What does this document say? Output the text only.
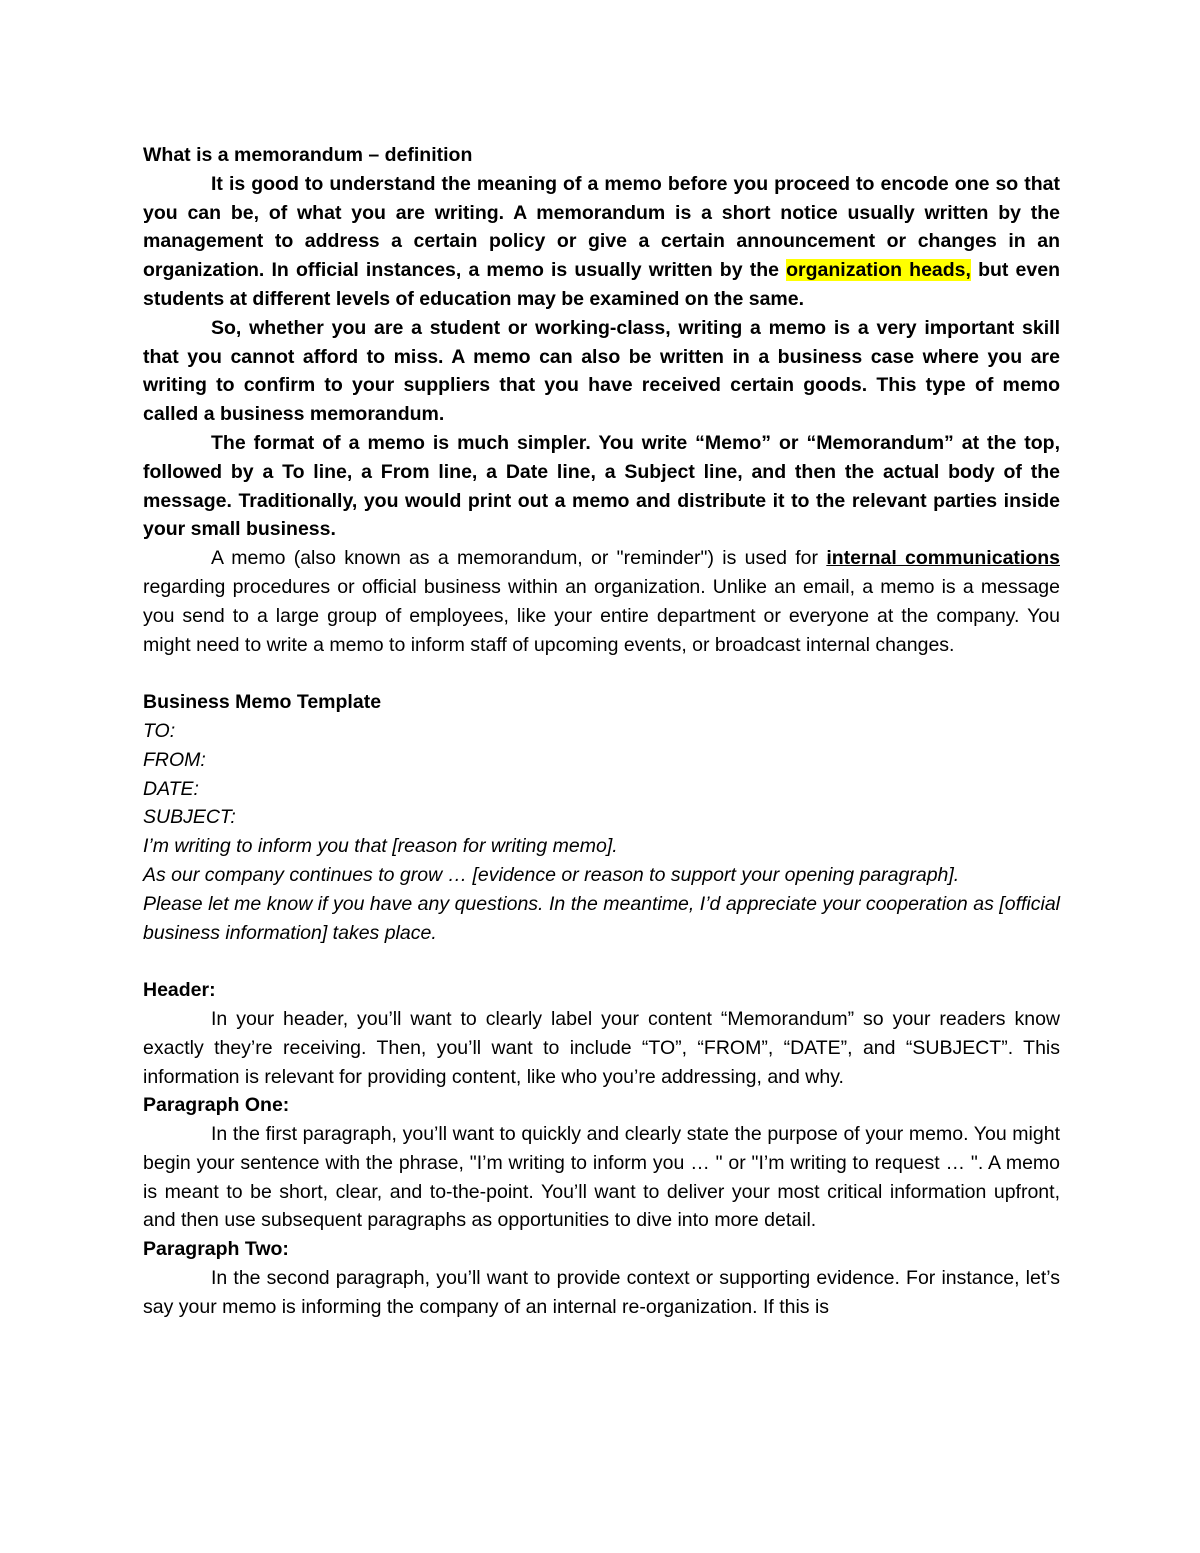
What is a memorandum – definition

It is good to understand the meaning of a memo before you proceed to encode one so that you can be, of what you are writing. A memorandum is a short notice usually written by the management to address a certain policy or give a certain announcement or changes in an organization. In official instances, a memo is usually written by the organization heads, but even students at different levels of education may be examined on the same.

So, whether you are a student or working-class, writing a memo is a very important skill that you cannot afford to miss. A memo can also be written in a business case where you are writing to confirm to your suppliers that you have received certain goods. This type of memo called a business memorandum.

The format of a memo is much simpler. You write “Memo” or “Memorandum” at the top, followed by a To line, a From line, a Date line, a Subject line, and then the actual body of the message. Traditionally, you would print out a memo and distribute it to the relevant parties inside your small business.

A memo (also known as a memorandum, or "reminder") is used for internal communications regarding procedures or official business within an organization. Unlike an email, a memo is a message you send to a large group of employees, like your entire department or everyone at the company. You might need to write a memo to inform staff of upcoming events, or broadcast internal changes.

Business Memo Template

TO:

FROM:

DATE:

SUBJECT:

I’m writing to inform you that [reason for writing memo].

As our company continues to grow … [evidence or reason to support your opening paragraph].

Please let me know if you have any questions. In the meantime, I’d appreciate your cooperation as [official business information] takes place.

Header:

In your header, you’ll want to clearly label your content “Memorandum” so your readers know exactly they’re receiving. Then, you’ll want to include “TO”, “FROM”, “DATE”, and “SUBJECT”. This information is relevant for providing content, like who you’re addressing, and why.

Paragraph One:

In the first paragraph, you’ll want to quickly and clearly state the purpose of your memo. You might begin your sentence with the phrase, "I’m writing to inform you … " or "I’m writing to request … ". A memo is meant to be short, clear, and to-the-point. You’ll want to deliver your most critical information upfront, and then use subsequent paragraphs as opportunities to dive into more detail.

Paragraph Two:

In the second paragraph, you’ll want to provide context or supporting evidence. For instance, let’s say your memo is informing the company of an internal re-organization. If this is
